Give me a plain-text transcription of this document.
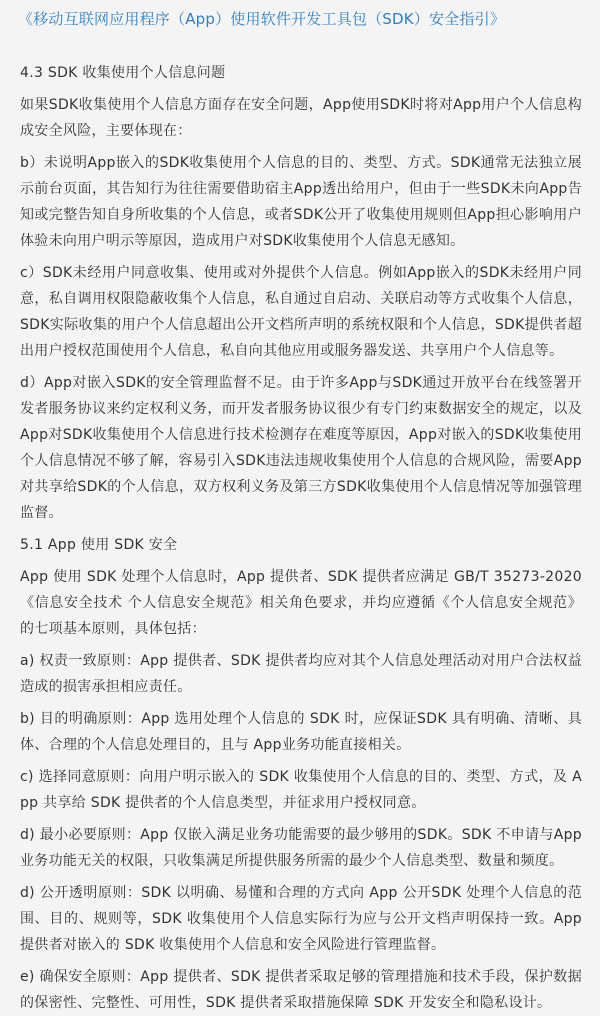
《移动互联网应用程序（App）使用软件开发工具包（SDK）安全指引》

4.3 SDK 收集使用个人信息问题

如果SDK收集使用个人信息方面存在安全问题，App使用SDK时将对App用户个人信息构成安全风险，主要体现在：

b）未说明App嵌入的SDK收集使用个人信息的目的、类型、方式。SDK通常无法独立展示前台页面，其告知行为往往需要借助宿主App透出给用户，但由于一些SDK未向App告知或完整告知自身所收集的个人信息，或者SDK公开了收集使用规则但App担心影响用户体验未向用户明示等原因，造成用户对SDK收集使用个人信息无感知。

c）SDK未经用户同意收集、使用或对外提供个人信息。例如App嵌入的SDK未经用户同意，私自调用权限隐蔽收集个人信息，私自通过自启动、关联启动等方式收集个人信息，SDK实际收集的用户个人信息超出公开文档所声明的系统权限和个人信息，SDK提供者超出用户授权范围使用个人信息，私自向其他应用或服务器发送、共享用户个人信息等。

d）App对嵌入SDK的安全管理监督不足。由于许多App与SDK通过开放平台在线签署开发者服务协议来约定权利义务，而开发者服务协议很少有专门约束数据安全的规定，以及App对SDK收集使用个人信息进行技术检测存在难度等原因，App对嵌入的SDK收集使用个人信息情况不够了解，容易引入SDK违法违规收集使用个人信息的合规风险，需要App对共享给SDK的个人信息，双方权利义务及第三方SDK收集使用个人信息情况等加强管理监督。

5.1 App 使用 SDK 安全

App 使用 SDK 处理个人信息时，App 提供者、SDK 提供者应满足 GB/T 35273-2020《信息安全技术 个人信息安全规范》相关角色要求，并均应遵循《个人信息安全规范》的七项基本原则，具体包括：

a) 权责一致原则：App 提供者、SDK 提供者均应对其个人信息处理活动对用户合法权益造成的损害承担相应责任。

b) 目的明确原则：App 选用处理个人信息的 SDK 时，应保证SDK 具有明确、清晰、具体、合理的个人信息处理目的，且与 App业务功能直接相关。

c) 选择同意原则：向用户明示嵌入的 SDK 收集使用个人信息的目的、类型、方式，及 App 共享给 SDK 提供者的个人信息类型，并征求用户授权同意。

d) 最小必要原则：App 仅嵌入满足业务功能需要的最少够用的SDK。SDK 不申请与App 业务功能无关的权限，只收集满足所提供服务所需的最少个人信息类型、数量和频度。

d) 公开透明原则：SDK 以明确、易懂和合理的方式向 App 公开SDK 处理个人信息的范围、目的、规则等，SDK 收集使用个人信息实际行为应与公开文档声明保持一致。App 提供者对嵌入的 SDK 收集使用个人信息和安全风险进行管理监督。

e) 确保安全原则：App 提供者、SDK 提供者采取足够的管理措施和技术手段，保护数据的保密性、完整性、可用性，SDK 提供者采取措施保障 SDK 开发安全和隐私设计。
